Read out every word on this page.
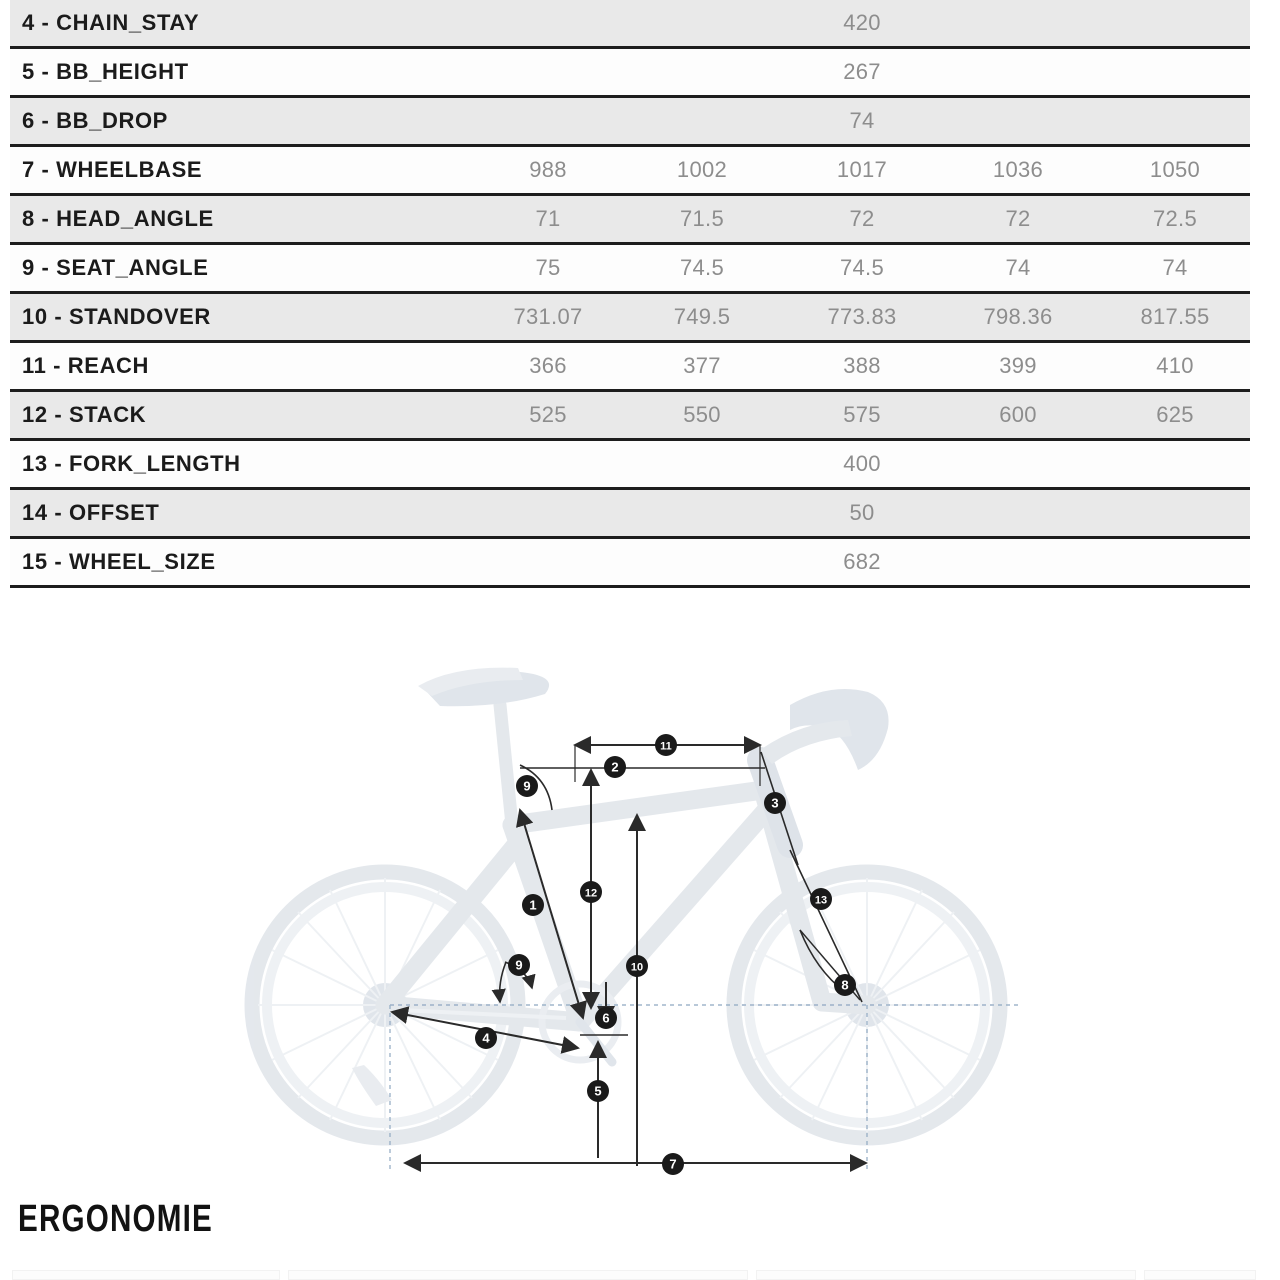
4 - CHAIN_STAY	420
5 - BB_HEIGHT	267
6 - BB_DROP	74
7 - WHEELBASE	988	1002	1017	1036	1050
8 - HEAD_ANGLE	71	71.5	72	72	72.5
9 - SEAT_ANGLE	75	74.5	74.5	74	74
10 - STANDOVER	731.07	749.5	773.83	798.36	817.55
11 - REACH	366	377	388	399	410
12 - STACK	525	550	575	600	625
13 - FORK_LENGTH	400
14 - OFFSET	50
15 - WHEEL_SIZE	682
1
2
3
4
5
6
7
8
9	10
11
12
13
9
ERGONOMIE
